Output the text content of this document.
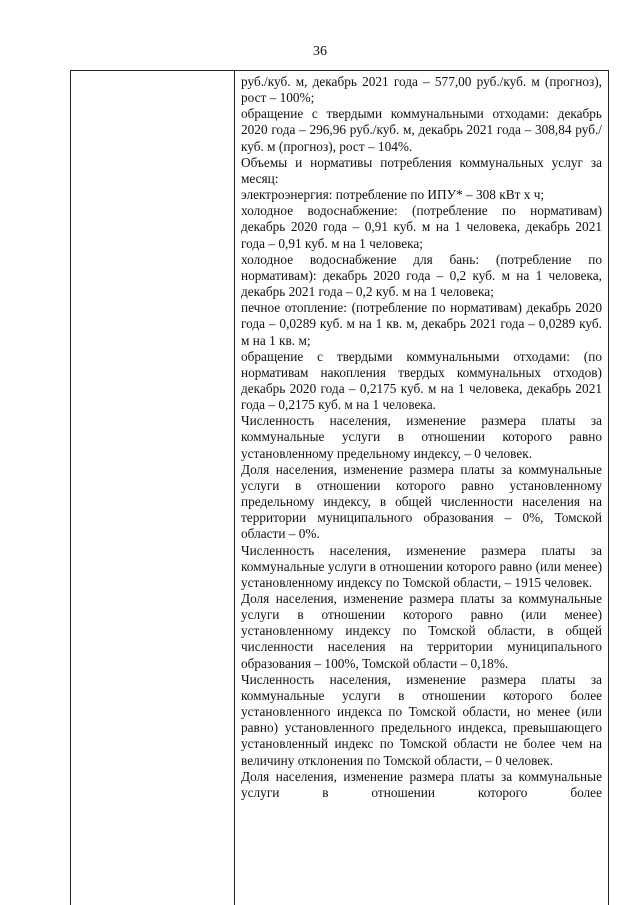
36

руб./куб. м, декабрь 2021 года – 577,00 руб./куб. м (прогноз), рост – 100%;

обращение с твердыми коммунальными отходами: декабрь 2020 года – 296,96 руб./куб. м, декабрь 2021 года – 308,84 руб./куб. м (прогноз), рост – 104%.

Объемы и нормативы потребления коммунальных услуг за месяц:

электроэнергия: потребление по ИПУ* – 308 кВт х ч;

холодное водоснабжение: (потребление по нормативам) декабрь 2020 года – 0,91 куб. м на 1 человека, декабрь 2021 года – 0,91 куб. м на 1 человека;

холодное водоснабжение для бань: (потребление по нормативам): декабрь 2020 года – 0,2 куб. м на 1 человека, декабрь 2021 года – 0,2 куб. м на 1 человека;

печное отопление: (потребление по нормативам) декабрь 2020 года – 0,0289 куб. м на 1 кв. м, декабрь 2021 года – 0,0289 куб. м на 1 кв. м;

обращение с твердыми коммунальными отходами: (по нормативам накопления твердых коммунальных отходов) декабрь 2020 года – 0,2175 куб. м на 1 человека, декабрь 2021 года – 0,2175 куб. м на 1 человека.

Численность населения, изменение размера платы за коммунальные услуги в отношении которого равно установленному предельному индексу, – 0 человек.

Доля населения, изменение размера платы за коммунальные услуги в отношении которого равно установленному предельному индексу, в общей численности населения на территории муниципального образования – 0%, Томской области – 0%.

Численность населения, изменение размера платы за коммунальные услуги в отношении которого равно (или менее) установленному индексу по Томской области, – 1915 человек.

Доля населения, изменение размера платы за коммунальные услуги в отношении которого равно (или менее) установленному индексу по Томской области, в общей численности населения на территории муниципального образования – 100%, Томской области – 0,18%.

Численность населения, изменение размера платы за коммунальные услуги в отношении которого более установленного индекса по Томской области, но менее (или равно) установленного предельного индекса, превышающего установленный индекс по Томской области не более чем на величину отклонения по Томской области, – 0 человек.

Доля населения, изменение размера платы за коммунальные услуги в отношении которого более
